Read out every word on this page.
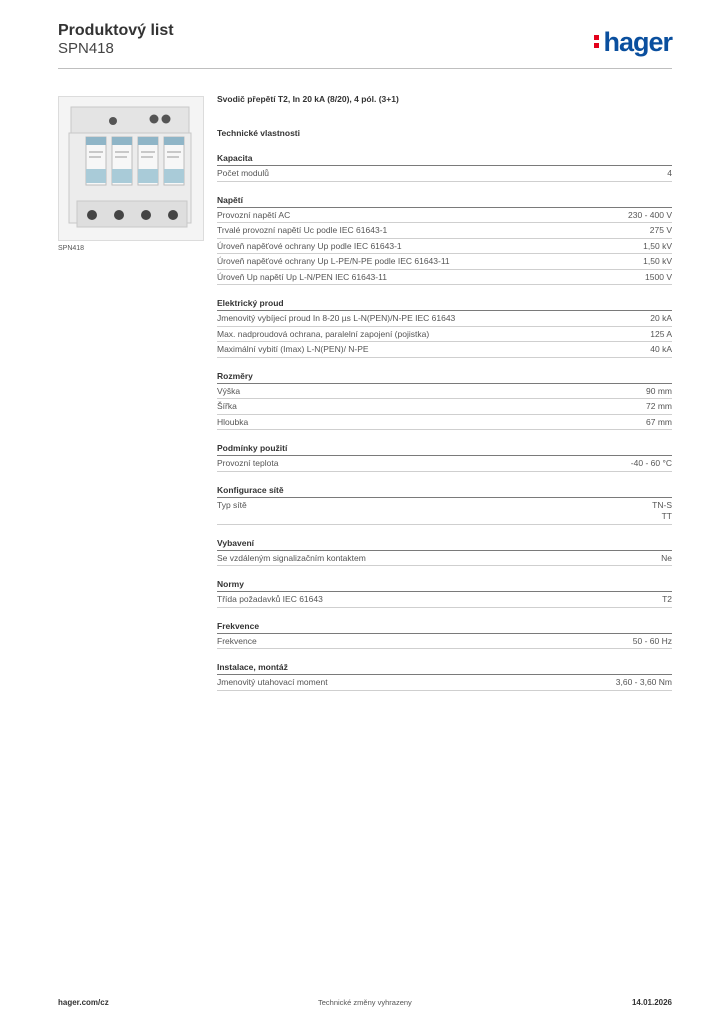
Produktový list
SPN418	hager
SPN418
Svodič přepětí T2, In 20 kA (8/20), 4 pól. (3+1)
Technické vlastnosti
Kapacita
Počet modulů	4
Napětí
Provozní napětí AC	230 - 400 V
Trvalé provozní napětí Uc podle IEC 61643-1	275 V
Úroveň napěťové ochrany Up podle IEC 61643-1	1,50 kV
Úroveň napěťové ochrany Up L-PE/N-PE podle IEC 61643-11	1,50 kV
Úroveň Up napětí Up L-N/PEN IEC 61643-11	1500 V
Elektrický proud
Jmenovitý vybíjecí proud In 8-20 µs L-N(PEN)/N-PE IEC 61643	20 kA
Max. nadproudová ochrana, paralelní zapojení (pojistka)	125 A
Maximální vybití (Imax) L-N(PEN)/ N-PE	40 kA
Rozměry
Výška	90 mm
Šířka	72 mm
Hloubka	67 mm
Podmínky použití
Provozní teplota	-40 - 60 °C
Konfigurace sítě
Typ sítě	TN-S
TT
Vybavení
Se vzdáleným signalizačním kontaktem	Ne
Normy
Třída požadavků IEC 61643	T2
Frekvence
Frekvence	50 - 60 Hz
Instalace, montáž
Jmenovitý utahovací moment	3,60 - 3,60 Nm
hager.com/cz	Technické změny vyhrazeny	14.01.2026
